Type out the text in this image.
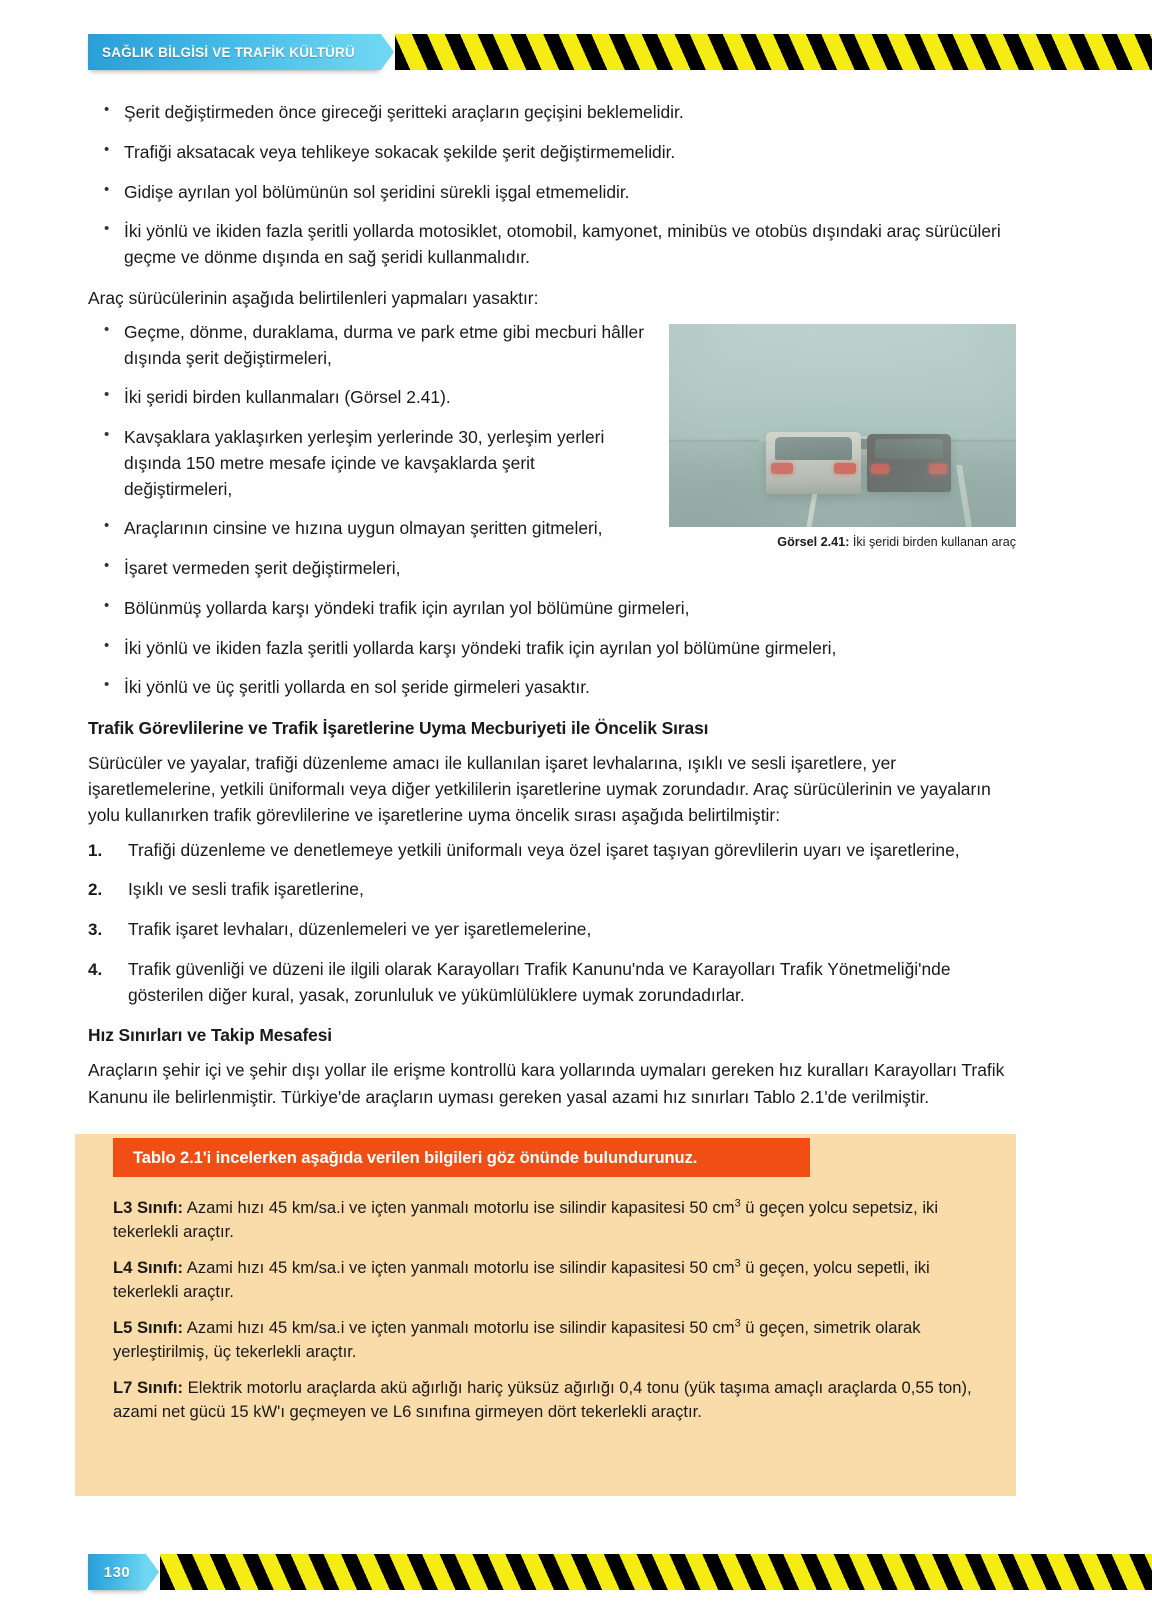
SAĞLIK BİLGİSİ VE TRAFİK KÜLTÜRÜ
• Şerit değiştirmeden önce gireceği şeritteki araçların geçişini beklemelidir.
• Trafiği aksatacak veya tehlikeye sokacak şekilde şerit değiştirmemelidir.
• Gidişe ayrılan yol bölümünün sol şeridini sürekli işgal etmemelidir.
• İki yönlü ve ikiden fazla şeritli yollarda motosiklet, otomobil, kamyonet, minibüs ve otobüs dışındaki araç sürücüleri geçme ve dönme dışında en sağ şeridi kullanmalıdır.

Araç sürücülerinin aşağıda belirtilenleri yapmaları yasaktır:

Görsel 2.41: İki şeridi birden kullanan araç
• Geçme, dönme, duraklama, durma ve park etme gibi mecburi hâller dışında şerit değiştirmeleri,
• İki şeridi birden kullanmaları (Görsel 2.41).
• Kavşaklara yaklaşırken yerleşim yerlerinde 30, yerleşim yerleri dışında 150 metre mesafe içinde ve kavşaklarda şerit değiştirmeleri,
• Araçlarının cinsine ve hızına uygun olmayan şeritten gitmeleri,
• İşaret vermeden şerit değiştirmeleri,
• Bölünmüş yollarda karşı yöndeki trafik için ayrılan yol bölümüne girmeleri,
• İki yönlü ve ikiden fazla şeritli yollarda karşı yöndeki trafik için ayrılan yol bölümüne girmeleri,
• İki yönlü ve üç şeritli yollarda en sol şeride girmeleri yasaktır.
Trafik Görevlilerine ve Trafik İşaretlerine Uyma Mecburiyeti ile Öncelik Sırası

Sürücüler ve yayalar, trafiği düzenleme amacı ile kullanılan işaret levhalarına, ışıklı ve sesli işaretlere, yer işaretlemelerine, yetkili üniformalı veya diğer yetkililerin işaretlerine uymak zorundadır. Araç sürücülerinin ve yayaların yolu kullanırken trafik görevlilerine ve işaretlerine uyma öncelik sırası aşağıda belirtilmiştir:

Trafiği düzenleme ve denetlemeye yetkili üniformalı veya özel işaret taşıyan görevlilerin uyarı ve işaretlerine,
Işıklı ve sesli trafik işaretlerine,
Trafik işaret levhaları, düzenlemeleri ve yer işaretlemelerine,
Trafik güvenliği ve düzeni ile ilgili olarak Karayolları Trafik Kanunu'nda ve Karayolları Trafik Yönetmeliği'nde gösterilen diğer kural, yasak, zorunluluk ve yükümlülüklere uymak zorundadırlar.
Hız Sınırları ve Takip Mesafesi

Araçların şehir içi ve şehir dışı yollar ile erişme kontrollü kara yollarında uymaları gereken hız kuralları Karayolları Trafik Kanunu ile belirlenmiştir. Türkiye'de araçların uyması gereken yasal azami hız sınırları Tablo 2.1'de verilmiştir.

Tablo 2.1'i incelerken aşağıda verilen bilgileri göz önünde bulundurunuz.
L3 Sınıfı: Azami hızı 45 km/sa.i ve içten yanmalı motorlu ise silindir kapasitesi 50 $cm^3$ ü geçen yolcu sepetsiz, iki tekerlekli araçtır.
L4 Sınıfı: Azami hızı 45 km/sa.i ve içten yanmalı motorlu ise silindir kapasitesi 50 $cm^3$ ü geçen, yolcu sepetli, iki tekerlekli araçtır.
L5 Sınıfı: Azami hızı 45 km/sa.i ve içten yanmalı motorlu ise silindir kapasitesi 50 $cm^3$ ü geçen, simetrik olarak yerleştirilmiş, üç tekerlekli araçtır.
L7 Sınıfı: Elektrik motorlu araçlarda akü ağırlığı hariç yüksüz ağırlığı 0,4 tonu (yük taşıma amaçlı araçlarda 0,55 ton), azami net gücü 15 kW'ı geçmeyen ve L6 sınıfına girmeyen dört tekerlekli araçtır.
130
